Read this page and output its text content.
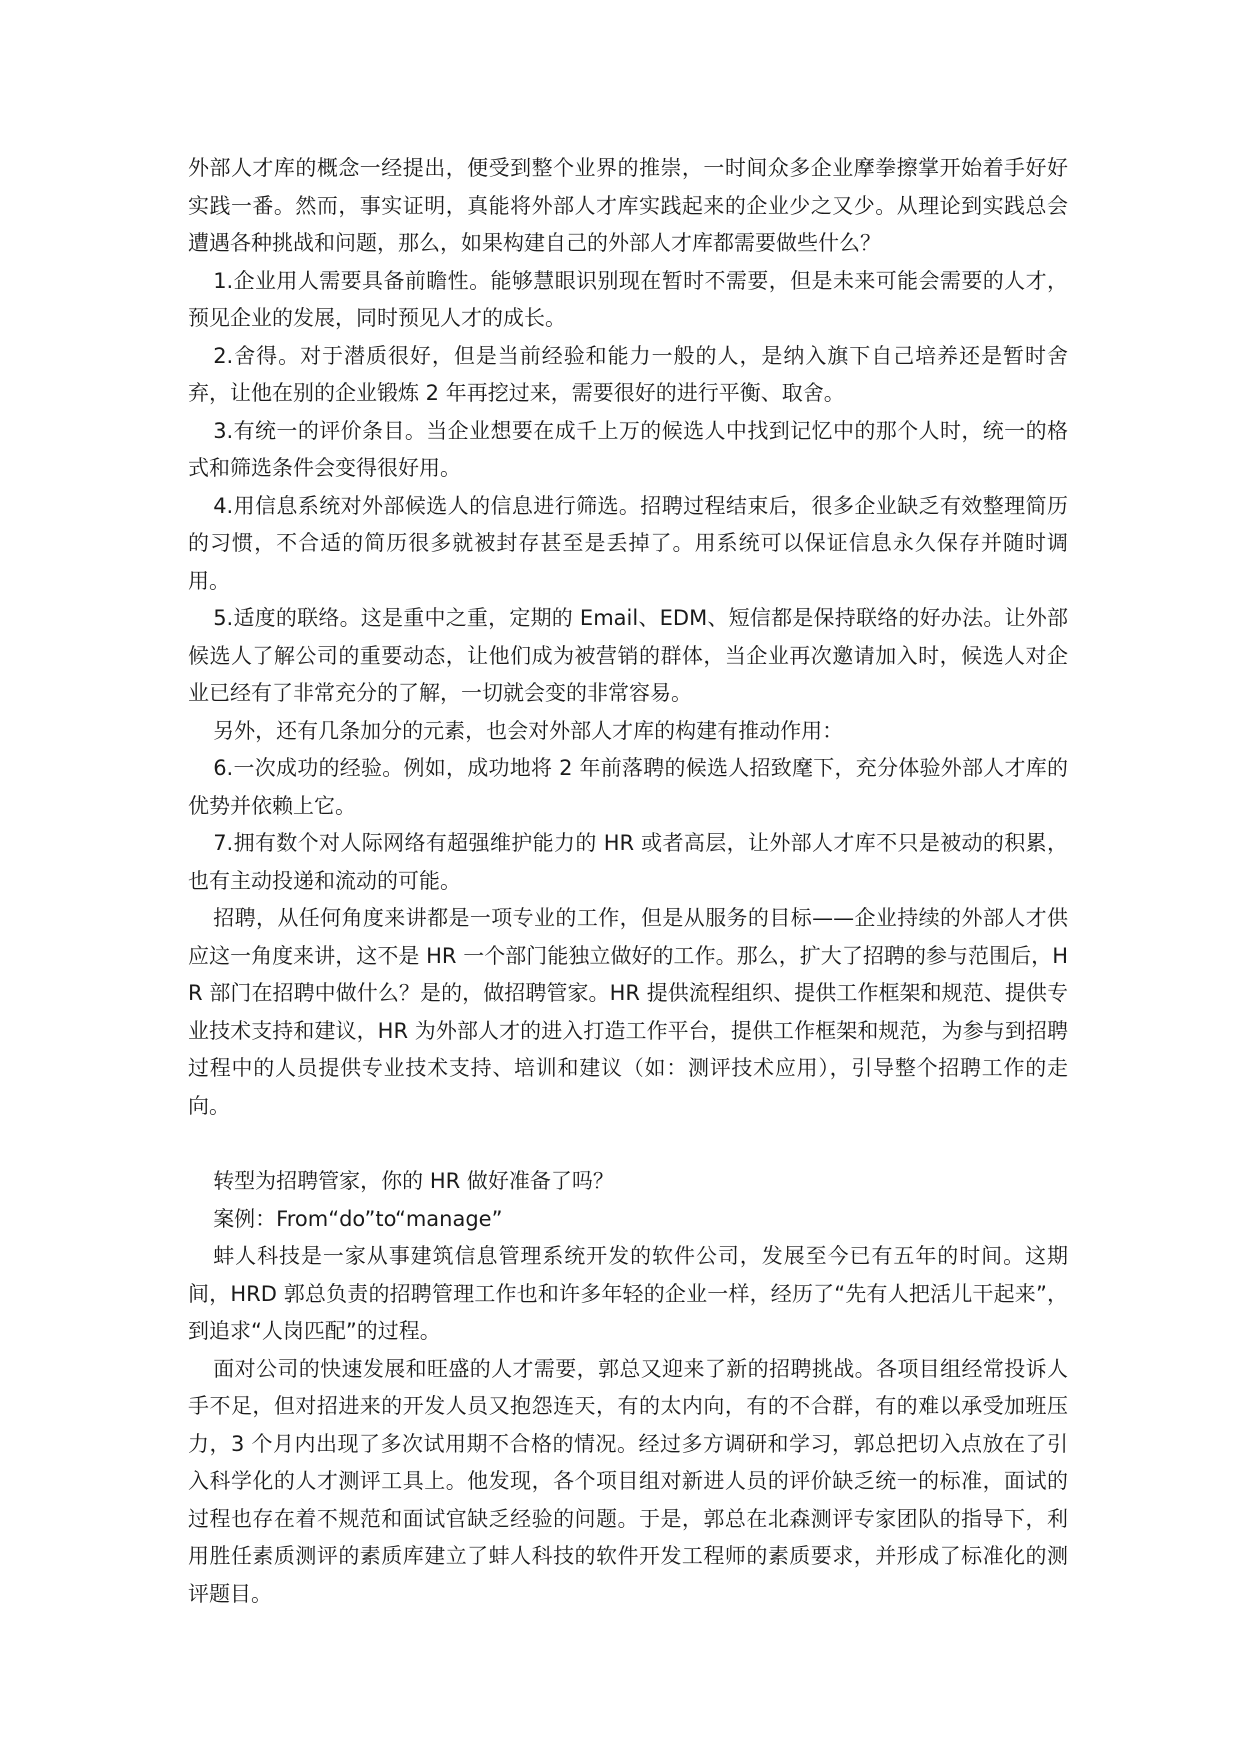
外部人才库的概念一经提出，便受到整个业界的推崇，一时间众多企业摩拳擦掌开始着手好好实践一番。然而，事实证明，真能将外部人才库实践起来的企业少之又少。从理论到实践总会遭遇各种挑战和问题，那么，如果构建自己的外部人才库都需要做些什么？

1.企业用人需要具备前瞻性。能够慧眼识别现在暂时不需要，但是未来可能会需要的人才，预见企业的发展，同时预见人才的成长。

2.舍得。对于潜质很好，但是当前经验和能力一般的人，是纳入旗下自己培养还是暂时舍弃，让他在别的企业锻炼 2 年再挖过来，需要很好的进行平衡、取舍。

3.有统一的评价条目。当企业想要在成千上万的候选人中找到记忆中的那个人时，统一的格式和筛选条件会变得很好用。

4.用信息系统对外部候选人的信息进行筛选。招聘过程结束后，很多企业缺乏有效整理简历的习惯，不合适的简历很多就被封存甚至是丢掉了。用系统可以保证信息永久保存并随时调用。

5.适度的联络。这是重中之重，定期的 Email、EDM、短信都是保持联络的好办法。让外部候选人了解公司的重要动态，让他们成为被营销的群体，当企业再次邀请加入时，候选人对企业已经有了非常充分的了解，一切就会变的非常容易。

另外，还有几条加分的元素，也会对外部人才库的构建有推动作用：

6.一次成功的经验。例如，成功地将 2 年前落聘的候选人招致麾下，充分体验外部人才库的优势并依赖上它。

7.拥有数个对人际网络有超强维护能力的 HR 或者高层，让外部人才库不只是被动的积累，也有主动投递和流动的可能。

招聘，从任何角度来讲都是一项专业的工作，但是从服务的目标——企业持续的外部人才供应这一角度来讲，这不是 HR 一个部门能独立做好的工作。那么，扩大了招聘的参与范围后，HR 部门在招聘中做什么？是的，做招聘管家。HR 提供流程组织、提供工作框架和规范、提供专业技术支持和建议，HR 为外部人才的进入打造工作平台，提供工作框架和规范，为参与到招聘过程中的人员提供专业技术支持、培训和建议（如：测评技术应用），引导整个招聘工作的走向。

转型为招聘管家，你的 HR 做好准备了吗？

案例：From“do”to“manage”

蚌人科技是一家从事建筑信息管理系统开发的软件公司，发展至今已有五年的时间。这期间，HRD 郭总负责的招聘管理工作也和许多年轻的企业一样，经历了“先有人把活儿干起来”，到追求“人岗匹配”的过程。

面对公司的快速发展和旺盛的人才需要，郭总又迎来了新的招聘挑战。各项目组经常投诉人手不足，但对招进来的开发人员又抱怨连天，有的太内向，有的不合群，有的难以承受加班压力，3 个月内出现了多次试用期不合格的情况。经过多方调研和学习，郭总把切入点放在了引入科学化的人才测评工具上。他发现，各个项目组对新进人员的评价缺乏统一的标准，面试的过程也存在着不规范和面试官缺乏经验的问题。于是，郭总在北森测评专家团队的指导下，利用胜任素质测评的素质库建立了蚌人科技的软件开发工程师的素质要求，并形成了标准化的测评题目。
